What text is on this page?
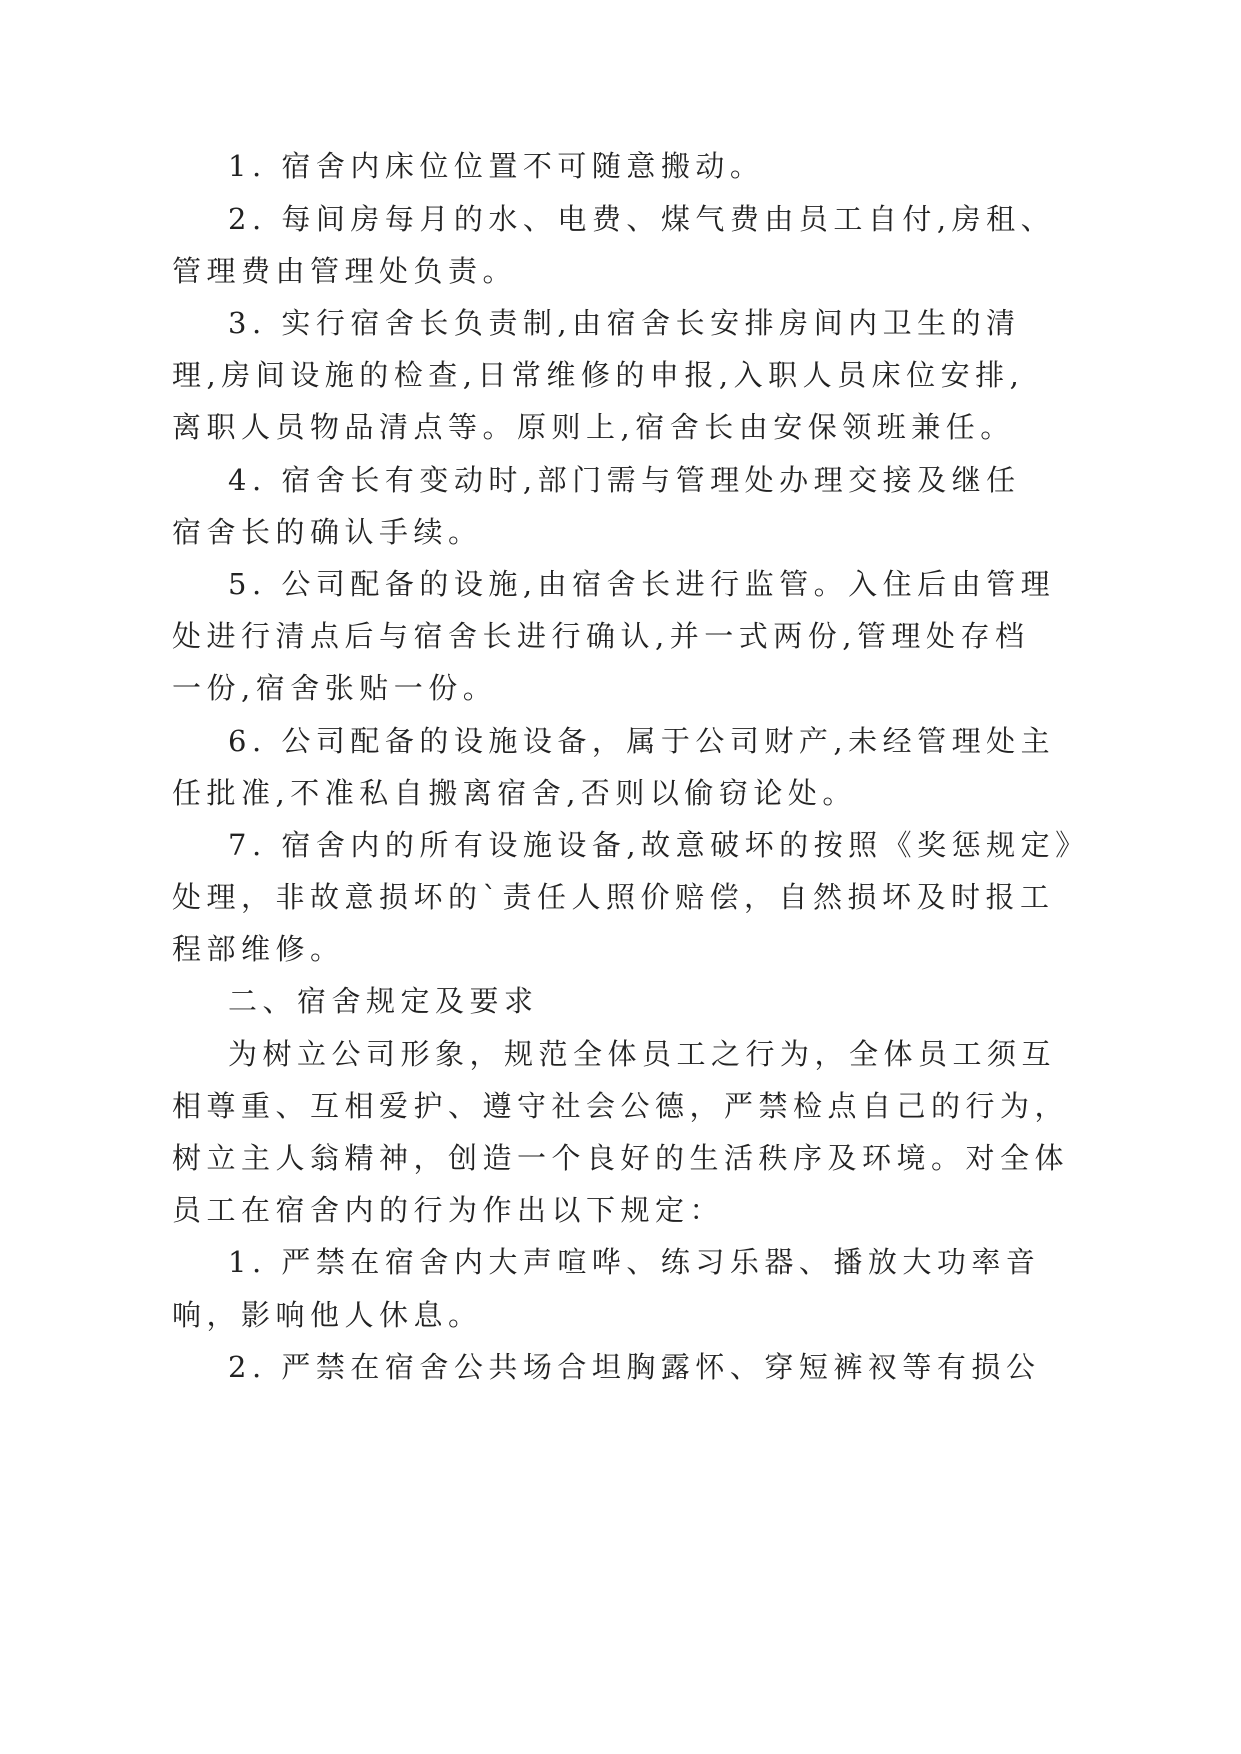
1. 宿舍内床位位置不可随意搬动。

2. 每间房每月的水、电费、煤气费由员工自付,房租、

管理费由管理处负责。

3. 实行宿舍长负责制,由宿舍长安排房间内卫生的清

理,房间设施的检查,日常维修的申报,入职人员床位安排,

离职人员物品清点等。原则上,宿舍长由安保领班兼任。

4. 宿舍长有变动时,部门需与管理处办理交接及继任

宿舍长的确认手续。

5. 公司配备的设施,由宿舍长进行监管。入住后由管理

处进行清点后与宿舍长进行确认,并一式两份,管理处存档

一份,宿舍张贴一份。

6. 公司配备的设施设备，属于公司财产,未经管理处主

任批准,不准私自搬离宿舍,否则以偷窃论处。

7. 宿舍内的所有设施设备,故意破坏的按照《奖惩规定》

处理，非故意损坏的`责任人照价赔偿，自然损坏及时报工

程部维修。

二、宿舍规定及要求

为树立公司形象，规范全体员工之行为，全体员工须互

相尊重、互相爱护、遵守社会公德，严禁检点自己的行为，

树立主人翁精神，创造一个良好的生活秩序及环境。对全体

员工在宿舍内的行为作出以下规定：

1. 严禁在宿舍内大声喧哗、练习乐器、播放大功率音

响，影响他人休息。

2. 严禁在宿舍公共场合坦胸露怀、穿短裤衩等有损公
